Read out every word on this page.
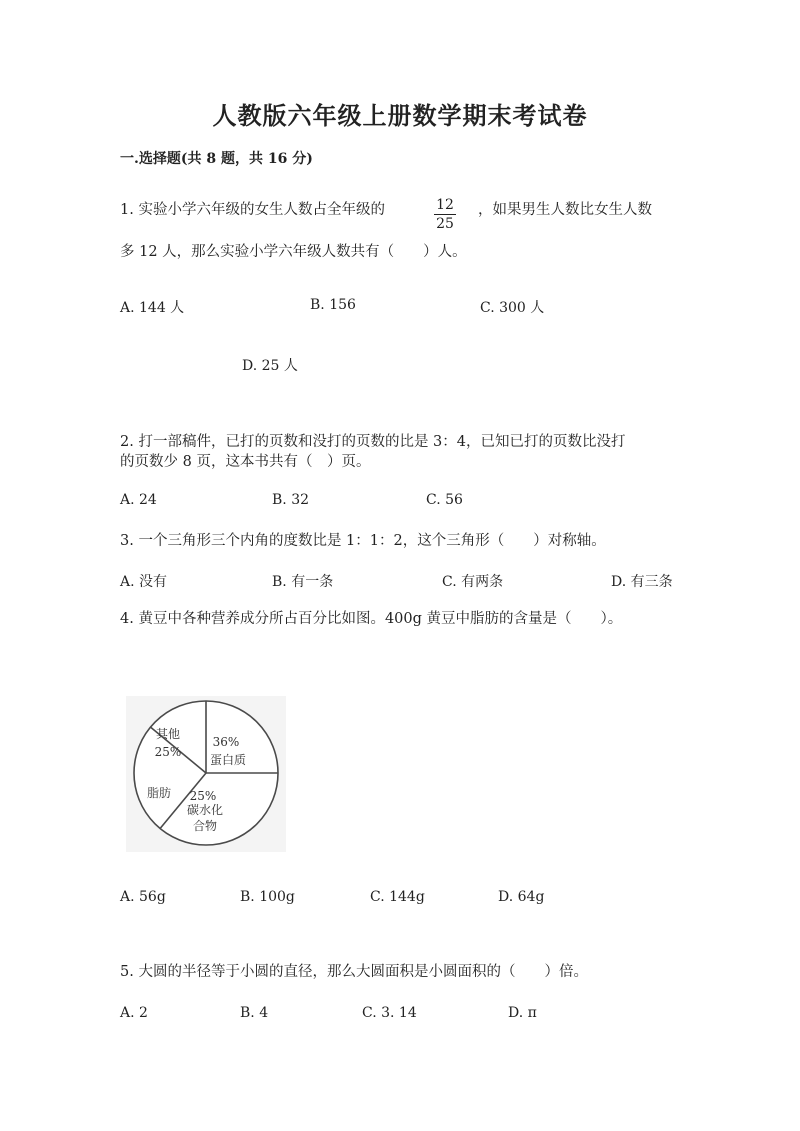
人教版六年级上册数学期末考试卷
一.选择题(共 8 题，共 16 分)
1. 实验小学六年级的女生人数占全年级的	12
25
，如果男生人数比女生人数
多 12 人，那么实验小学六年级人数共有（　　）人。
A. 144 人	B. 156	C. 300 人
D. 25 人
2. 打一部稿件，已打的页数和没打的页数的比是 3：4，已知已打的页数比没打
的页数少 8 页，这本书共有（　）页。
A. 24	B. 32	C. 56
3. 一个三角形三个内角的度数比是 1：1：2，这个三角形（　　）对称轴。
A. 没有	B. 有一条	C. 有两条	D. 有三条
4. 黄豆中各种营养成分所占百分比如图。400g 黄豆中脂肪的含量是（　　）。
其他
25%
36%
蛋白质
脂肪 25%
碳水化
合物
A. 56g	B. 100g	C. 144g	D. 64g
5. 大圆的半径等于小圆的直径，那么大圆面积是小圆面积的（　　）倍。
A. 2	B. 4	C. 3. 14	D. π
